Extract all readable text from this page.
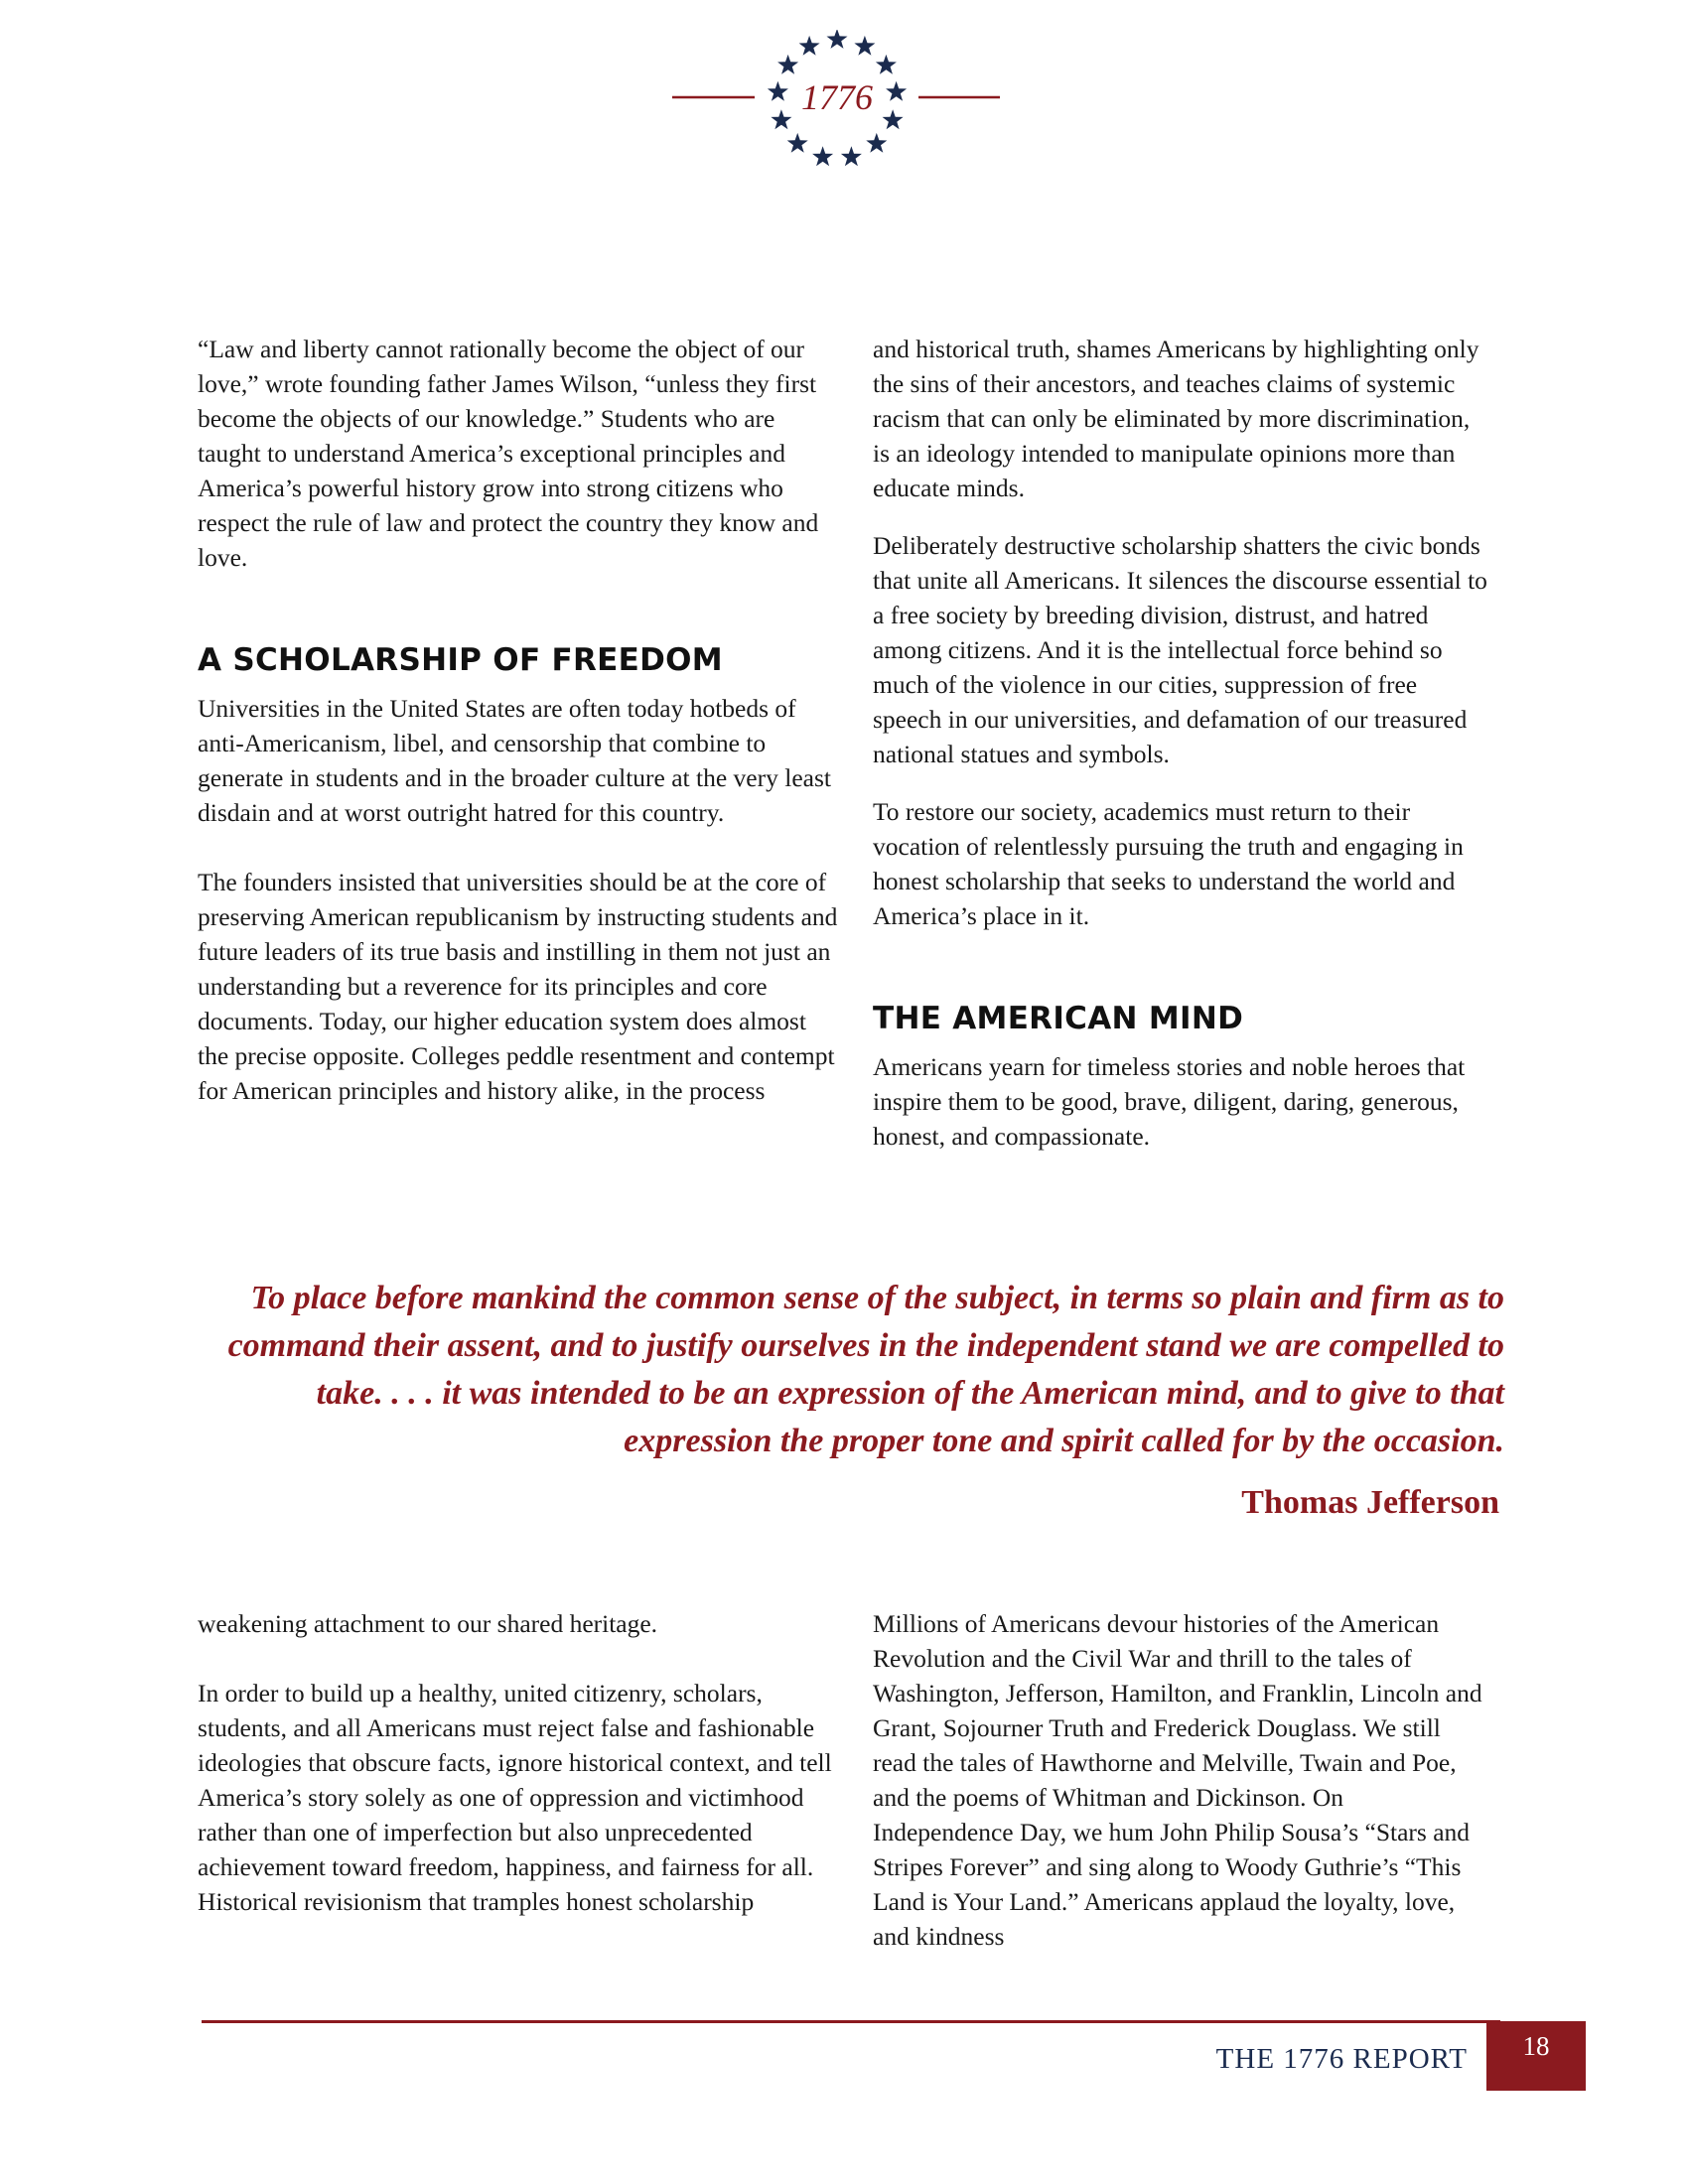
1776

“Law and liberty cannot rationally become the object of our love,” wrote founding father James Wilson, “unless they first become the objects of our knowledge.” Students who are taught to understand America’s exceptional principles and America’s powerful history grow into strong citizens who respect the rule of law and protect the country they know and love.

A SCHOLARSHIP OF FREEDOM

Universities in the United States are often today hotbeds of anti-Americanism, libel, and censorship that combine to generate in students and in the broader culture at the very least disdain and at worst outright hatred for this country.

The founders insisted that universities should be at the core of preserving American republicanism by instructing students and future leaders of its true basis and instilling in them not just an understanding but a reverence for its principles and core documents. Today, our higher education system does almost the precise opposite. Colleges peddle resentment and contempt for American principles and history alike, in the process

and historical truth, shames Americans by highlighting only the sins of their ancestors, and teaches claims of systemic racism that can only be eliminated by more discrimination, is an ideology intended to manipulate opinions more than educate minds.

Deliberately destructive scholarship shatters the civic bonds that unite all Americans. It silences the discourse essential to a free society by breeding division, distrust, and hatred among citizens. And it is the intellectual force behind so much of the violence in our cities, suppression of free speech in our universities, and defamation of our treasured national statues and symbols.

To restore our society, academics must return to their vocation of relentlessly pursuing the truth and engaging in honest scholarship that seeks to understand the world and America’s place in it.

THE AMERICAN MIND

Americans yearn for timeless stories and noble heroes that inspire them to be good, brave, diligent, daring, generous, honest, and compassionate.

To place before mankind the common sense of the subject, in terms so plain and firm as to command their assent, and to justify ourselves in the independent stand we are compelled to take. . . . it was intended to be an expression of the American mind, and to give to that expression the proper tone and spirit called for by the occasion.

Thomas Jefferson

weakening attachment to our shared heritage.

In order to build up a healthy, united citizenry, scholars, students, and all Americans must reject false and fashionable ideologies that obscure facts, ignore historical context, and tell America’s story solely as one of oppression and victimhood rather than one of imperfection but also unprecedented achievement toward freedom, happiness, and fairness for all. Historical revisionism that tramples honest scholarship

Millions of Americans devour histories of the American Revolution and the Civil War and thrill to the tales of Washington, Jefferson, Hamilton, and Franklin, Lincoln and Grant, Sojourner Truth and Frederick Douglass. We still read the tales of Hawthorne and Melville, Twain and Poe, and the poems of Whitman and Dickinson. On Independence Day, we hum John Philip Sousa’s “Stars and Stripes Forever” and sing along to Woody Guthrie’s “This Land is Your Land.” Americans applaud the loyalty, love, and kindness

THE 1776 REPORT	18
